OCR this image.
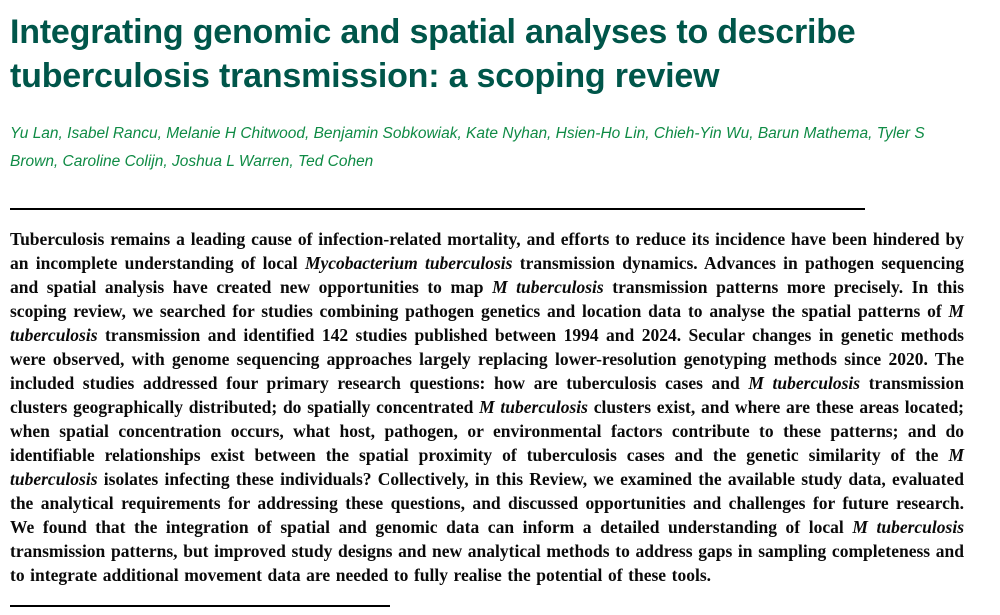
Integrating genomic and spatial analyses to describe tuberculosis transmission: a scoping review
Yu Lan, Isabel Rancu, Melanie H Chitwood, Benjamin Sobkowiak, Kate Nyhan, Hsien-Ho Lin, Chieh-Yin Wu, Barun Mathema, Tyler S Brown, Caroline Colijn, Joshua L Warren, Ted Cohen

Tuberculosis remains a leading cause of infection-related mortality, and efforts to reduce its incidence have been hindered by an incomplete understanding of local Mycobacterium tuberculosis transmission dynamics. Advances in pathogen sequencing and spatial analysis have created new opportunities to map M tuberculosis transmission patterns more precisely. In this scoping review, we searched for studies combining pathogen genetics and location data to analyse the spatial patterns of M tuberculosis transmission and identified 142 studies published between 1994 and 2024. Secular changes in genetic methods were observed, with genome sequencing approaches largely replacing lower-resolution genotyping methods since 2020. The included studies addressed four primary research questions: how are tuberculosis cases and M tuberculosis transmission clusters geographically distributed; do spatially concentrated M tuberculosis clusters exist, and where are these areas located; when spatial concentration occurs, what host, pathogen, or environmental factors contribute to these patterns; and do identifiable relationships exist between the spatial proximity of tuberculosis cases and the genetic similarity of the M tuberculosis isolates infecting these individuals? Collectively, in this Review, we examined the available study data, evaluated the analytical requirements for addressing these questions, and discussed opportunities and challenges for future research. We found that the integration of spatial and genomic data can inform a detailed understanding of local M tuberculosis transmission patterns, but improved study designs and new analytical methods to address gaps in sampling completeness and to integrate additional movement data are needed to fully realise the potential of these tools.
